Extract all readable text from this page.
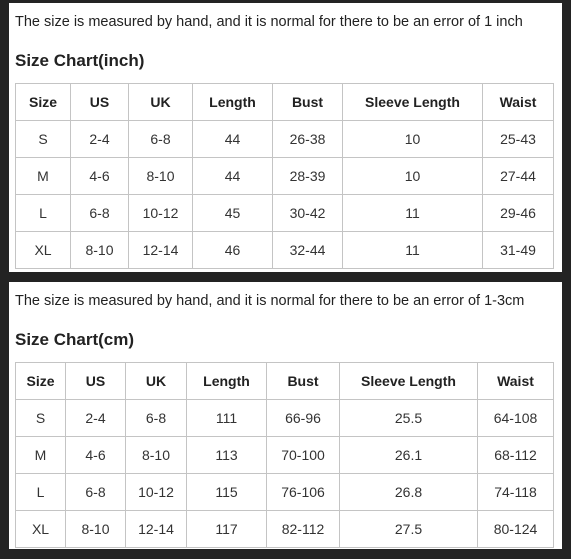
The size is measured by hand, and it is normal for there to be an error of 1 inch
Size Chart(inch)
Size	US	UK	Length	Bust	Sleeve Length	Waist
S	2-4	6-8	44	26-38	10	25-43
M	4-6	8-10	44	28-39	10	27-44
L	6-8	10-12	45	30-42	11	29-46
XL	8-10	12-14	46	32-44	11	31-49
The size is measured by hand, and it is normal for there to be an error of 1-3cm
Size Chart(cm)
Size	US	UK	Length	Bust	Sleeve Length	Waist
S	2-4	6-8	111	66-96	25.5	64-108
M	4-6	8-10	113	70-100	26.1	68-112
L	6-8	10-12	115	76-106	26.8	74-118
XL	8-10	12-14	117	82-112	27.5	80-124
